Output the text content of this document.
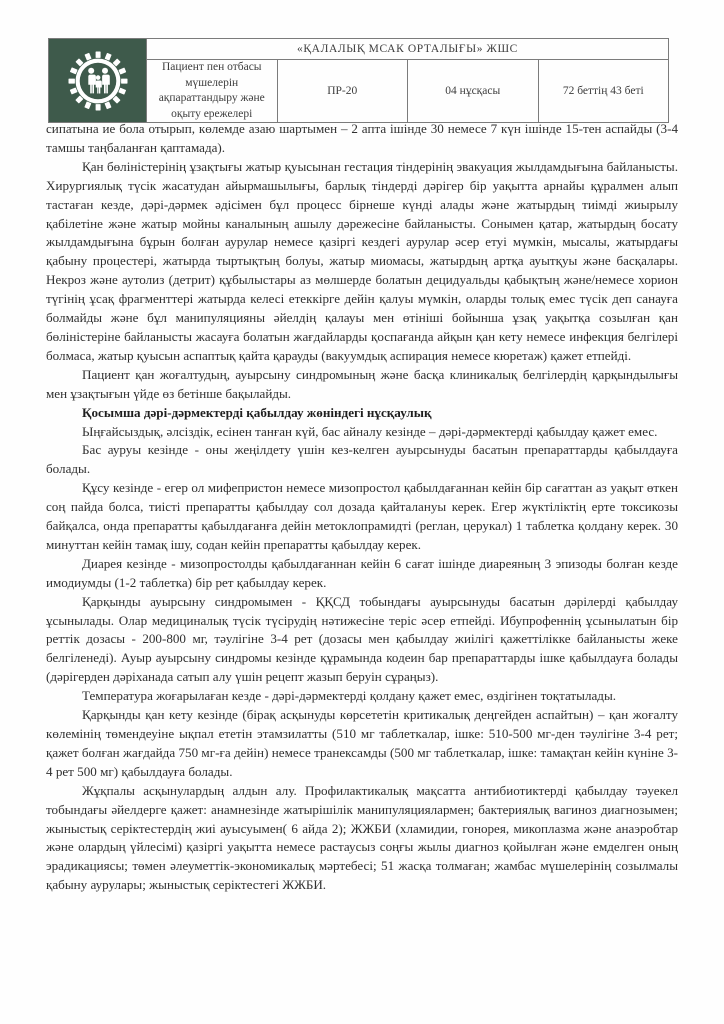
	«ҚАЛАЛЫҚ МСАК ОРТАЛЫҒЫ» ЖШС			
	Пациент пен отбасы мүшелерін ақпараттандыру және оқыту ережелері	ПР-20	04 нұсқасы	72 беттің 43 беті

сипатына ие бола отырып, көлемде азаю шартымен – 2 апта ішінде 30 немесе 7 күн ішінде 15-тен аспайды (3-4 тамшы таңбаланған қаптамада).

Қан бөліністерінің ұзақтығы жатыр қуысынан гестация тіндерінің эвакуация жылдамдығына байланысты. Хирургиялық түсік жасатудан айырмашылығы, барлық тіндерді дәрігер бір уақытта арнайы құралмен алып тастаған кезде, дәрі-дәрмек әдісімен бұл процесс бірнеше күнді алады және жатырдың тиімді жиырылу қабілетіне және жатыр мойны каналының ашылу дәрежесіне байланысты. Сонымен қатар, жатырдың босату жылдамдығына бұрын болған аурулар немесе қазіргі кездегі аурулар әсер етуі мүмкін, мысалы, жатырдағы қабыну процестері, жатырда тыртықтың болуы, жатыр миомасы, жатырдың артқа ауытқуы және басқалары. Некроз және аутолиз (детрит) құбылыстары аз мөлшерде болатын децидуальды қабықтың және/немесе хорион түгінің ұсақ фрагменттері жатырда келесі етеккірге дейін қалуы мүмкін, оларды толық емес түсік деп санауға болмайды және бұл манипуляцияны әйелдің қалауы мен өтініші бойынша ұзақ уақытқа созылған қан бөліністеріне байланысты жасауға болатын жағдайларды қоспағанда айқын қан кету немесе инфекция белгілері болмаса, жатыр қуысын аспаптық қайта қарауды (вакуумдық аспирация немесе кюретаж) қажет етпейді.

Пациент қан жоғалтудың, ауырсыну синдромының және басқа клиникалық белгілердің қарқындылығы мен ұзақтығын үйде өз бетінше бақылайды.

Қосымша дәрі-дәрмектерді қабылдау жөніндегі нұсқаулық

Ыңғайсыздық, әлсіздік, есінен танған күй, бас айналу кезінде – дәрі-дәрмектерді қабылдау қажет емес.

Бас ауруы кезінде - оны жеңілдету үшін кез-келген ауырсынуды басатын препараттарды қабылдауға болады.

Құсу кезінде - егер ол мифепристон немесе мизопростол қабылдағаннан кейін бір сағаттан аз уақыт өткен соң пайда болса, тиісті препаратты қабылдау сол дозада қайталануы керек. Егер жүктіліктің ерте токсикозы байқалса, онда препаратты қабылдағанға дейін метоклопрамидті (реглан, церукал) 1 таблетка қолдану керек. 30 минуттан кейін тамақ ішу, содан кейін препаратты қабылдау керек.

Диарея кезінде - мизопростолды қабылдағаннан кейін 6 сағат ішінде диареяның 3 эпизоды болған кезде имодиумды (1-2 таблетка) бір рет қабылдау керек.

Қарқынды ауырсыну синдромымен - ҚҚСД тобындағы ауырсынуды басатын дәрілерді қабылдау ұсынылады. Олар медициналық түсік түсірудің нәтижесіне теріс әсер етпейді. Ибупрофеннің ұсынылатын бір реттік дозасы - 200-800 мг, тәулігіне 3-4 рет (дозасы мен қабылдау жиілігі қажеттілікке байланысты жеке белгіленеді). Ауыр ауырсыну синдромы кезінде құрамында кодеин бар препараттарды ішке қабылдауға болады (дәрігерден дәріханада сатып алу үшін рецепт жазып беруін сұраңыз).

Температура жоғарылаған кезде - дәрі-дәрмектерді қолдану қажет емес, өздігінен тоқтатылады.

Қарқынды қан кету кезінде (бірақ асқынуды көрсететін критикалық деңгейден аспайтын) – қан жоғалту көлемінің төмендеуіне ықпал ететін этамзилатты (510 мг таблеткалар, ішке: 510-500 мг-ден тәулігіне 3-4 рет; қажет болған жағдайда 750 мг-ға дейін) немесе транексамды (500 мг таблеткалар, ішке: тамақтан кейін күніне 3-4 рет 500 мг) қабылдауға болады.

Жұқпалы асқынулардың алдын алу. Профилактикалық мақсатта антибиотиктерді қабылдау тәуекел тобындағы әйелдерге қажет: анамнезінде жатырішілік манипуляциялармен; бактериялық вагиноз диагнозымен; жыныстық серіктестердің жиі ауысуымен( 6 айда 2); ЖЖБИ (хламидии, гонорея, микоплазма және анаэробтар және олардың үйлесімі) қазіргі уақытта немесе растаусыз соңғы жылы диагноз қойылған және емделген оның эрадикациясы; төмен әлеуметтік-экономикалық мәртебесі; 51 жасқа толмаған; жамбас мүшелерінің созылмалы қабыну аурулары; жыныстық серіктестегі ЖЖБИ.
